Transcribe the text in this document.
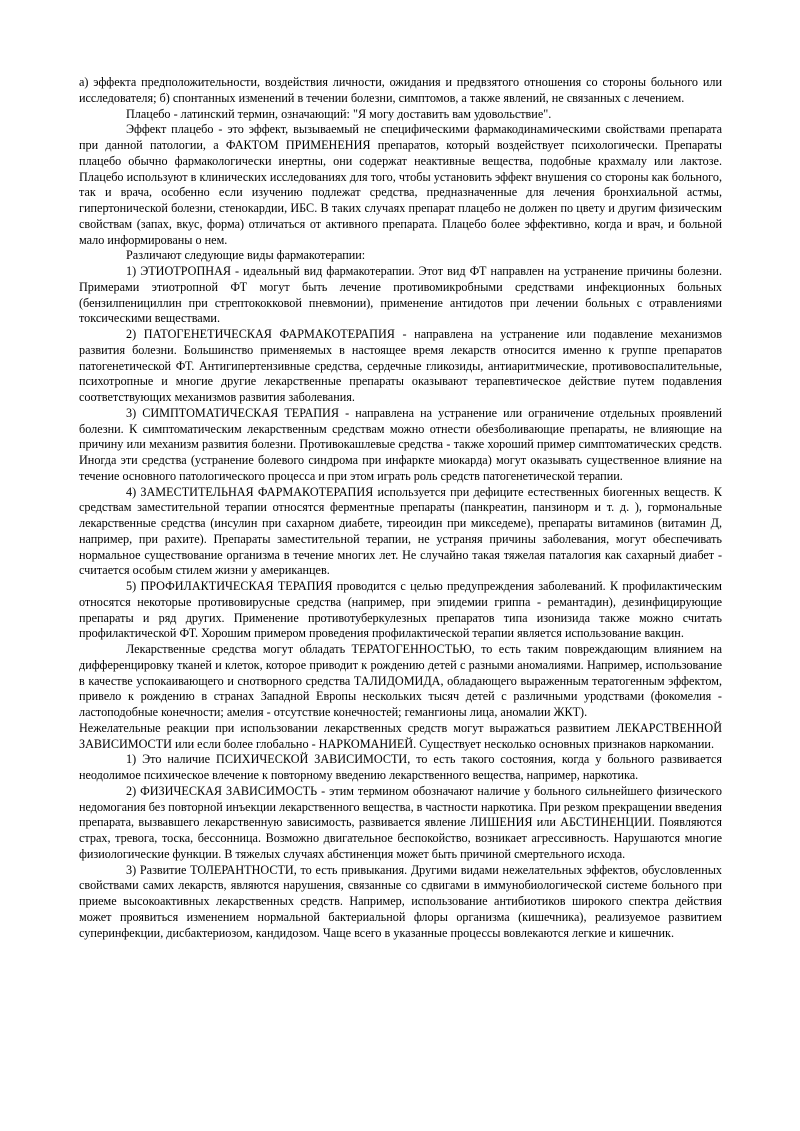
а) эффекта предположительности, воздействия личности, ожидания и предвзятого отношения со стороны больного или исследователя; б) спонтанных изменений в течении болезни, симптомов, а также явлений, не связанных с лечением.

Плацебо - латинский термин, означающий: "Я могу доставить вам удовольствие".

Эффект плацебо - это эффект, вызываемый не специфическими фармакодинамическими свойствами препарата при данной патологии, а ФАКТОМ ПРИМЕНЕНИЯ препаратов, который воздействует психологически. Препараты плацебо обычно фармакологически инертны, они содержат неактивные вещества, подобные крахмалу или лактозе. Плацебо используют в клинических исследованиях для того, чтобы установить эффект внушения со стороны как больного, так и врача, особенно если изучению подлежат средства, предназначенные для лечения бронхиальной астмы, гипертонической болезни, стенокардии, ИБС. В таких случаях препарат плацебо не должен по цвету и другим физическим свойствам (запах, вкус, форма) отличаться от активного препарата. Плацебо более эффективно, когда и врач, и больной мало информированы о нем.

Различают следующие виды фармакотерапии:

1) ЭТИОТРОПНАЯ - идеальный вид фармакотерапии. Этот вид ФТ направлен на устранение причины болезни. Примерами этиотропной ФТ могут быть лечение противомикробными средствами инфекционных больных (бензилпенициллин при стрептококковой пневмонии), применение антидотов при лечении больных с отравлениями токсическими веществами.

2) ПАТОГЕНЕТИЧЕСКАЯ ФАРМАКОТЕРАПИЯ - направлена на устранение или подавление механизмов развития болезни. Большинство применяемых в настоящее время лекарств относится именно к группе препаратов патогенетической ФТ. Антигипертензивные средства, сердечные гликозиды, антиаритмические, противовоспалительные, психотропные и многие другие лекарственные препараты оказывают терапевтическое действие путем подавления соответствующих механизмов развития заболевания.

3) СИМПТОМАТИЧЕСКАЯ ТЕРАПИЯ - направлена на устранение или ограничение отдельных проявлений болезни. К симптоматическим лекарственным средствам можно отнести обезболивающие препараты, не влияющие на причину или механизм развития болезни. Противокашлевые средства - также хороший пример симптоматических средств. Иногда эти средства (устранение болевого синдрома при инфаркте миокарда) могут оказывать существенное влияние на течение основного патологического процесса и при этом играть роль средств патогенетической терапии.

4) ЗАМЕСТИТЕЛЬНАЯ ФАРМАКОТЕРАПИЯ используется при дефиците естественных биогенных веществ. К средствам заместительной терапии относятся ферментные препараты (панкреатин, панзинорм и т. д. ), гормональные лекарственные средства (инсулин при сахарном диабете, тиреоидин при микседеме), препараты витаминов (витамин Д, например, при рахите). Препараты заместительной терапии, не устраняя причины заболевания, могут обеспечивать нормальное существование организма в течение многих лет. Не случайно такая тяжелая паталогия как сахарный диабет - считается особым стилем жизни у американцев.

5) ПРОФИЛАКТИЧЕСКАЯ ТЕРАПИЯ проводится с целью предупреждения заболеваний. К профилактическим относятся некоторые противовирусные средства (например, при эпидемии гриппа - ремантадин), дезинфицирующие препараты и ряд других. Применение противотуберкулезных препаратов типа изонизида также можно считать профилактической ФТ. Хорошим примером проведения профилактической терапии является использование вакцин.

Лекарственные средства могут обладать ТЕРАТОГЕННОСТЬЮ, то есть таким повреждающим влиянием на дифференцировку тканей и клеток, которое приводит к рождению детей с разными аномалиями. Например, использование в качестве успокаивающего и снотворного средства ТАЛИДОМИДА, обладающего выраженным тератогенным эффектом, привело к рождению в странах Западной Европы нескольких тысяч детей с различными уродствами (фокомелия - ластоподобные конечности; амелия - отсутствие конечностей; гемангионы лица, аномалии ЖКТ).

Нежелательные реакции при использовании лекарственных средств могут выражаться развитием ЛЕКАРСТВЕННОЙ ЗАВИСИМОСТИ или если более глобально - НАРКОМАНИЕЙ. Существует несколько основных признаков наркомании.

1) Это наличие ПСИХИЧЕСКОЙ ЗАВИСИМОСТИ, то есть такого состояния, когда у больного развивается неодолимое психическое влечение к повторному введению лекарственного вещества, например, наркотика.

2) ФИЗИЧЕСКАЯ ЗАВИСИМОСТЬ - этим термином обозначают наличие у больного сильнейшего физического недомогания без повторной инъекции лекарственного вещества, в частности наркотика. При резком прекращении введения препарата, вызвавшего лекарственную зависимость, развивается явление ЛИШЕНИЯ или АБСТИНЕНЦИИ. Появляются страх, тревога, тоска, бессонница. Возможно двигательное беспокойство, возникает агрессивность. Нарушаются многие физиологические функции. В тяжелых случаях абстиненция может быть причиной смертельного исхода.

3) Развитие ТОЛЕРАНТНОСТИ, то есть привыкания. Другими видами нежелательных эффектов, обусловленных свойствами самих лекарств, являются нарушения, связанные со сдвигами в иммунобиологической системе больного при приеме высокоактивных лекарственных средств. Например, использование антибиотиков широкого спектра действия может проявиться изменением нормальной бактериальной флоры организма (кишечника), реализуемое развитием суперинфекции, дисбактериозом, кандидозом. Чаще всего в указанные процессы вовлекаются легкие и кишечник.
